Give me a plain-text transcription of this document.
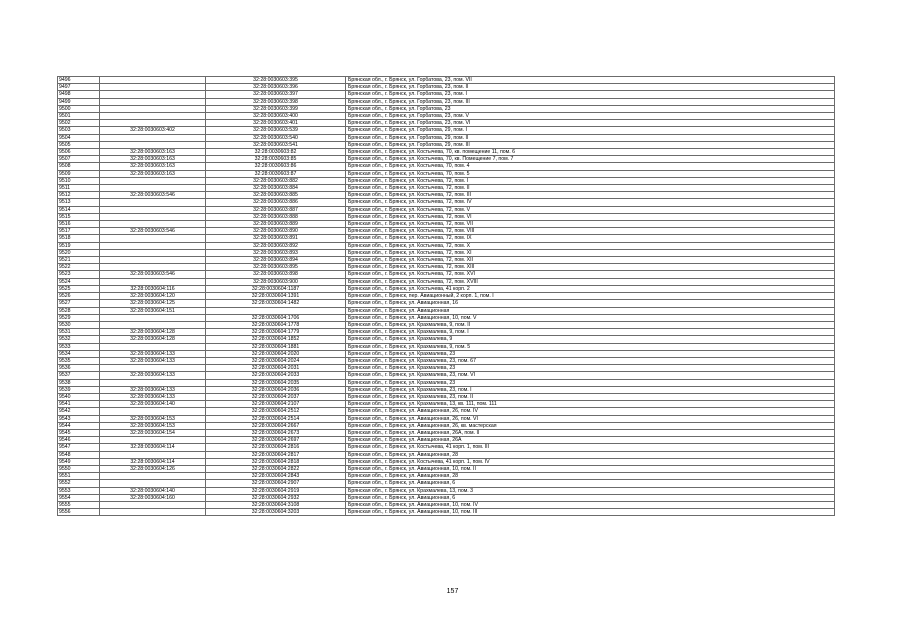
9496		32:28:0030603:395	Брянская обл., г. Брянск, ул. Горбатова, 23, пом. VII
9497		32:28:0030603:396	Брянская обл., г. Брянск, ул. Горбатова, 23, пом. II
9498		32:28:0030603:397	Брянская обл., г. Брянск, ул. Горбатова, 23, пом. I
9499		32:28:0030603:398	Брянская обл., г. Брянск, ул. Горбатова, 23, пом. III
9500		32:28:0030603:399	Брянская обл., г. Брянск, ул. Горбатова, 23
9501		32:28:0030603:400	Брянская обл., г. Брянск, ул. Горбатова, 23, пом. V
9502		32:28:0030603:401	Брянская обл., г. Брянск, ул. Горбатова, 23, пом. VI
9503	32:28:0030603:402	32:28:0030603:539	Брянская обл., г. Брянск, ул. Горбатова, 29, пом. I
9504		32:28:0030603:540	Брянская обл., г. Брянск, ул. Горбатова, 29, пом. II
9505		32:28:0030603:541	Брянская обл., г. Брянск, ул. Горбатова, 29, пом. III
9506	32:28:0030603:163	32:28:0030603:82	Брянская обл., г. Брянск, ул. Костычева, 70, кв. помещение 11, пом. 6
9507	32:28:0030603:163	32:28:0030603:85	Брянская обл., г. Брянск, ул. Костычева, 70, кв. Помещение 7, пом. 7
9508	32:28:0030603:163	32:28:0030603:86	Брянская обл., г. Брянск, ул. Костычева, 70, пом. 4
9509	32:28:0030603:163	32:28:0030603:87	Брянская обл., г. Брянск, ул. Костычева, 70, пом. 5
9510		32:28:0030603:882	Брянская обл., г. Брянск, ул. Костычева, 72, пом. I
9511		32:28:0030603:884	Брянская обл., г. Брянск, ул. Костычева, 72, пом. II
9512	32:28:0030603:546	32:28:0030603:885	Брянская обл., г. Брянск, ул. Костычева, 72, пом. III
9513		32:28:0030603:886	Брянская обл., г. Брянск, ул. Костычева, 72, пом. IV
9514		32:28:0030603:887	Брянская обл., г. Брянск, ул. Костычева, 72, пом. V
9515		32:28:0030603:888	Брянская обл., г. Брянск, ул. Костычева, 72, пом. VI
9516		32:28:0030603:889	Брянская обл., г. Брянск, ул. Костычева, 72, пом. VII
9517	32:28:0030603:546	32:28:0030603:890	Брянская обл., г. Брянск, ул. Костычева, 72, пом. VIII
9518		32:28:0030603:891	Брянская обл., г. Брянск, ул. Костычева, 72, пом. IX
9519		32:28:0030603:892	Брянская обл., г. Брянск, ул. Костычева, 72, пом. X
9520		32:28:0030603:893	Брянская обл., г. Брянск, ул. Костычева, 72, пом. XI
9521		32:28:0030603:894	Брянская обл., г. Брянск, ул. Костычева, 72, пом. XII
9522		32:28:0030603:895	Брянская обл., г. Брянск, ул. Костычева, 72, пом. XIII
9523	32:28:0030603:546	32:28:0030603:898	Брянская обл., г. Брянск, ул. Костычева, 72, пом. XVI
9524		32:28:0030603:900	Брянская обл., г. Брянск, ул. Костычева, 72, пом. XVIII
9525	32:28:0030604:116	32:28:0030604:1187	Брянская обл., г. Брянск, ул. Костычева, 41 корп. 2
9526	32:28:0030604:120	32:28:0030604:1391	Брянская обл., г. Брянск, пер. Авиационный, 2 корп. 1, пом. I
9527	32:28:0030604:125	32:28:0030604:1482	Брянская обл., г. Брянск, ул. Авиационная, 16
9528	32:28:0030604:151		Брянская обл., г. Брянск, ул. Авиационная
9529		32:28:0030604:1706	Брянская обл., г. Брянск, ул. Авиационная, 10, пом. V
9530		32:28:0030604:1778	Брянская обл., г. Брянск, ул. Крахмалева, 9, пом. II
9531	32:28:0030604:128	32:28:0030604:1779	Брянская обл., г. Брянск, ул. Крахмалева, 9, пом. I
9532	32:28:0030604:128	32:28:0030604:1852	Брянская обл., г. Брянск, ул. Крахмалева, 9
9533		32:28:0030604:1881	Брянская обл., г. Брянск, ул. Крахмалева, 9, пом. 5
9534	32:28:0030604:133	32:28:0030604:2020	Брянская обл., г. Брянск, ул. Крахмалева, 23
9535	32:28:0030604:133	32:28:0030604:2024	Брянская обл., г. Брянск, ул. Крахмалева, 23, пом. 67
9536		32:28:0030604:2031	Брянская обл., г. Брянск, ул. Крахмалева, 23
9537	32:28:0030604:133	32:28:0030604:2033	Брянская обл., г. Брянск, ул. Крахмалева, 23, пом. VI
9538		32:28:0030604:2035	Брянская обл., г. Брянск, ул. Крахмалева, 23
9539	32:28:0030604:133	32:28:0030604:2036	Брянская обл., г. Брянск, ул. Крахмалева, 23, пом. I
9540	32:28:0030604:133	32:28:0030604:2037	Брянская обл., г. Брянск, ул. Крахмалева, 23, пом. II
9541	32:28:0030604:140	32:28:0030604:2107	Брянская обл., г. Брянск, ул. Крахмалева, 13, кв. 111, пом. 111
9542		32:28:0030604:2512	Брянская обл., г. Брянск, ул. Авиационная, 26, пом. IV
9543	32:28:0030604:153	32:28:0030604:2514	Брянская обл., г. Брянск, ул. Авиационная, 26, пом. VI
9544	32:28:0030604:153	32:28:0030604:2667	Брянская обл., г. Брянск, ул. Авиационная, 26, кв. мастерская
9545	32:28:0030604:154	32:28:0030604:2673	Брянская обл., г. Брянск, ул. Авиационная, 26А, пом. II
9546		32:28:0030604:2697	Брянская обл., г. Брянск, ул. Авиационная, 26А
9547	32:28:0030604:114	32:28:0030604:2816	Брянская обл., г. Брянск, ул. Костычева, 41 корп. 1, пом. III
9548		32:28:0030604:2817	Брянская обл., г. Брянск, ул. Авиационная, 28
9549	32:28:0030604:114	32:28:0030604:2818	Брянская обл., г. Брянск, ул. Костычева, 41 корп. 1, пом. IV
9550	32:28:0030604:126	32:28:0030604:2822	Брянская обл., г. Брянск, ул. Авиационная, 10, пом. II
9551		32:28:0030604:2843	Брянская обл., г. Брянск, ул. Авиационная, 28
9552		32:28:0030604:2907	Брянская обл., г. Брянск, ул. Авиационная, 6
9553	32:28:0030604:140	32:28:0030604:2919	Брянская обл., г. Брянск, ул. Крахмалева, 13, пом. 3
9554	32:28:0030604:160	32:28:0030604:2932	Брянская обл., г. Брянск, ул. Авиационная, 6
9555		32:28:0030604:3108	Брянская обл., г. Брянск, ул. Авиационная, 10, пом. IV
9556		32:28:0030604:3203	Брянская обл., г. Брянск, ул. Авиационная, 10, пом. III
157
